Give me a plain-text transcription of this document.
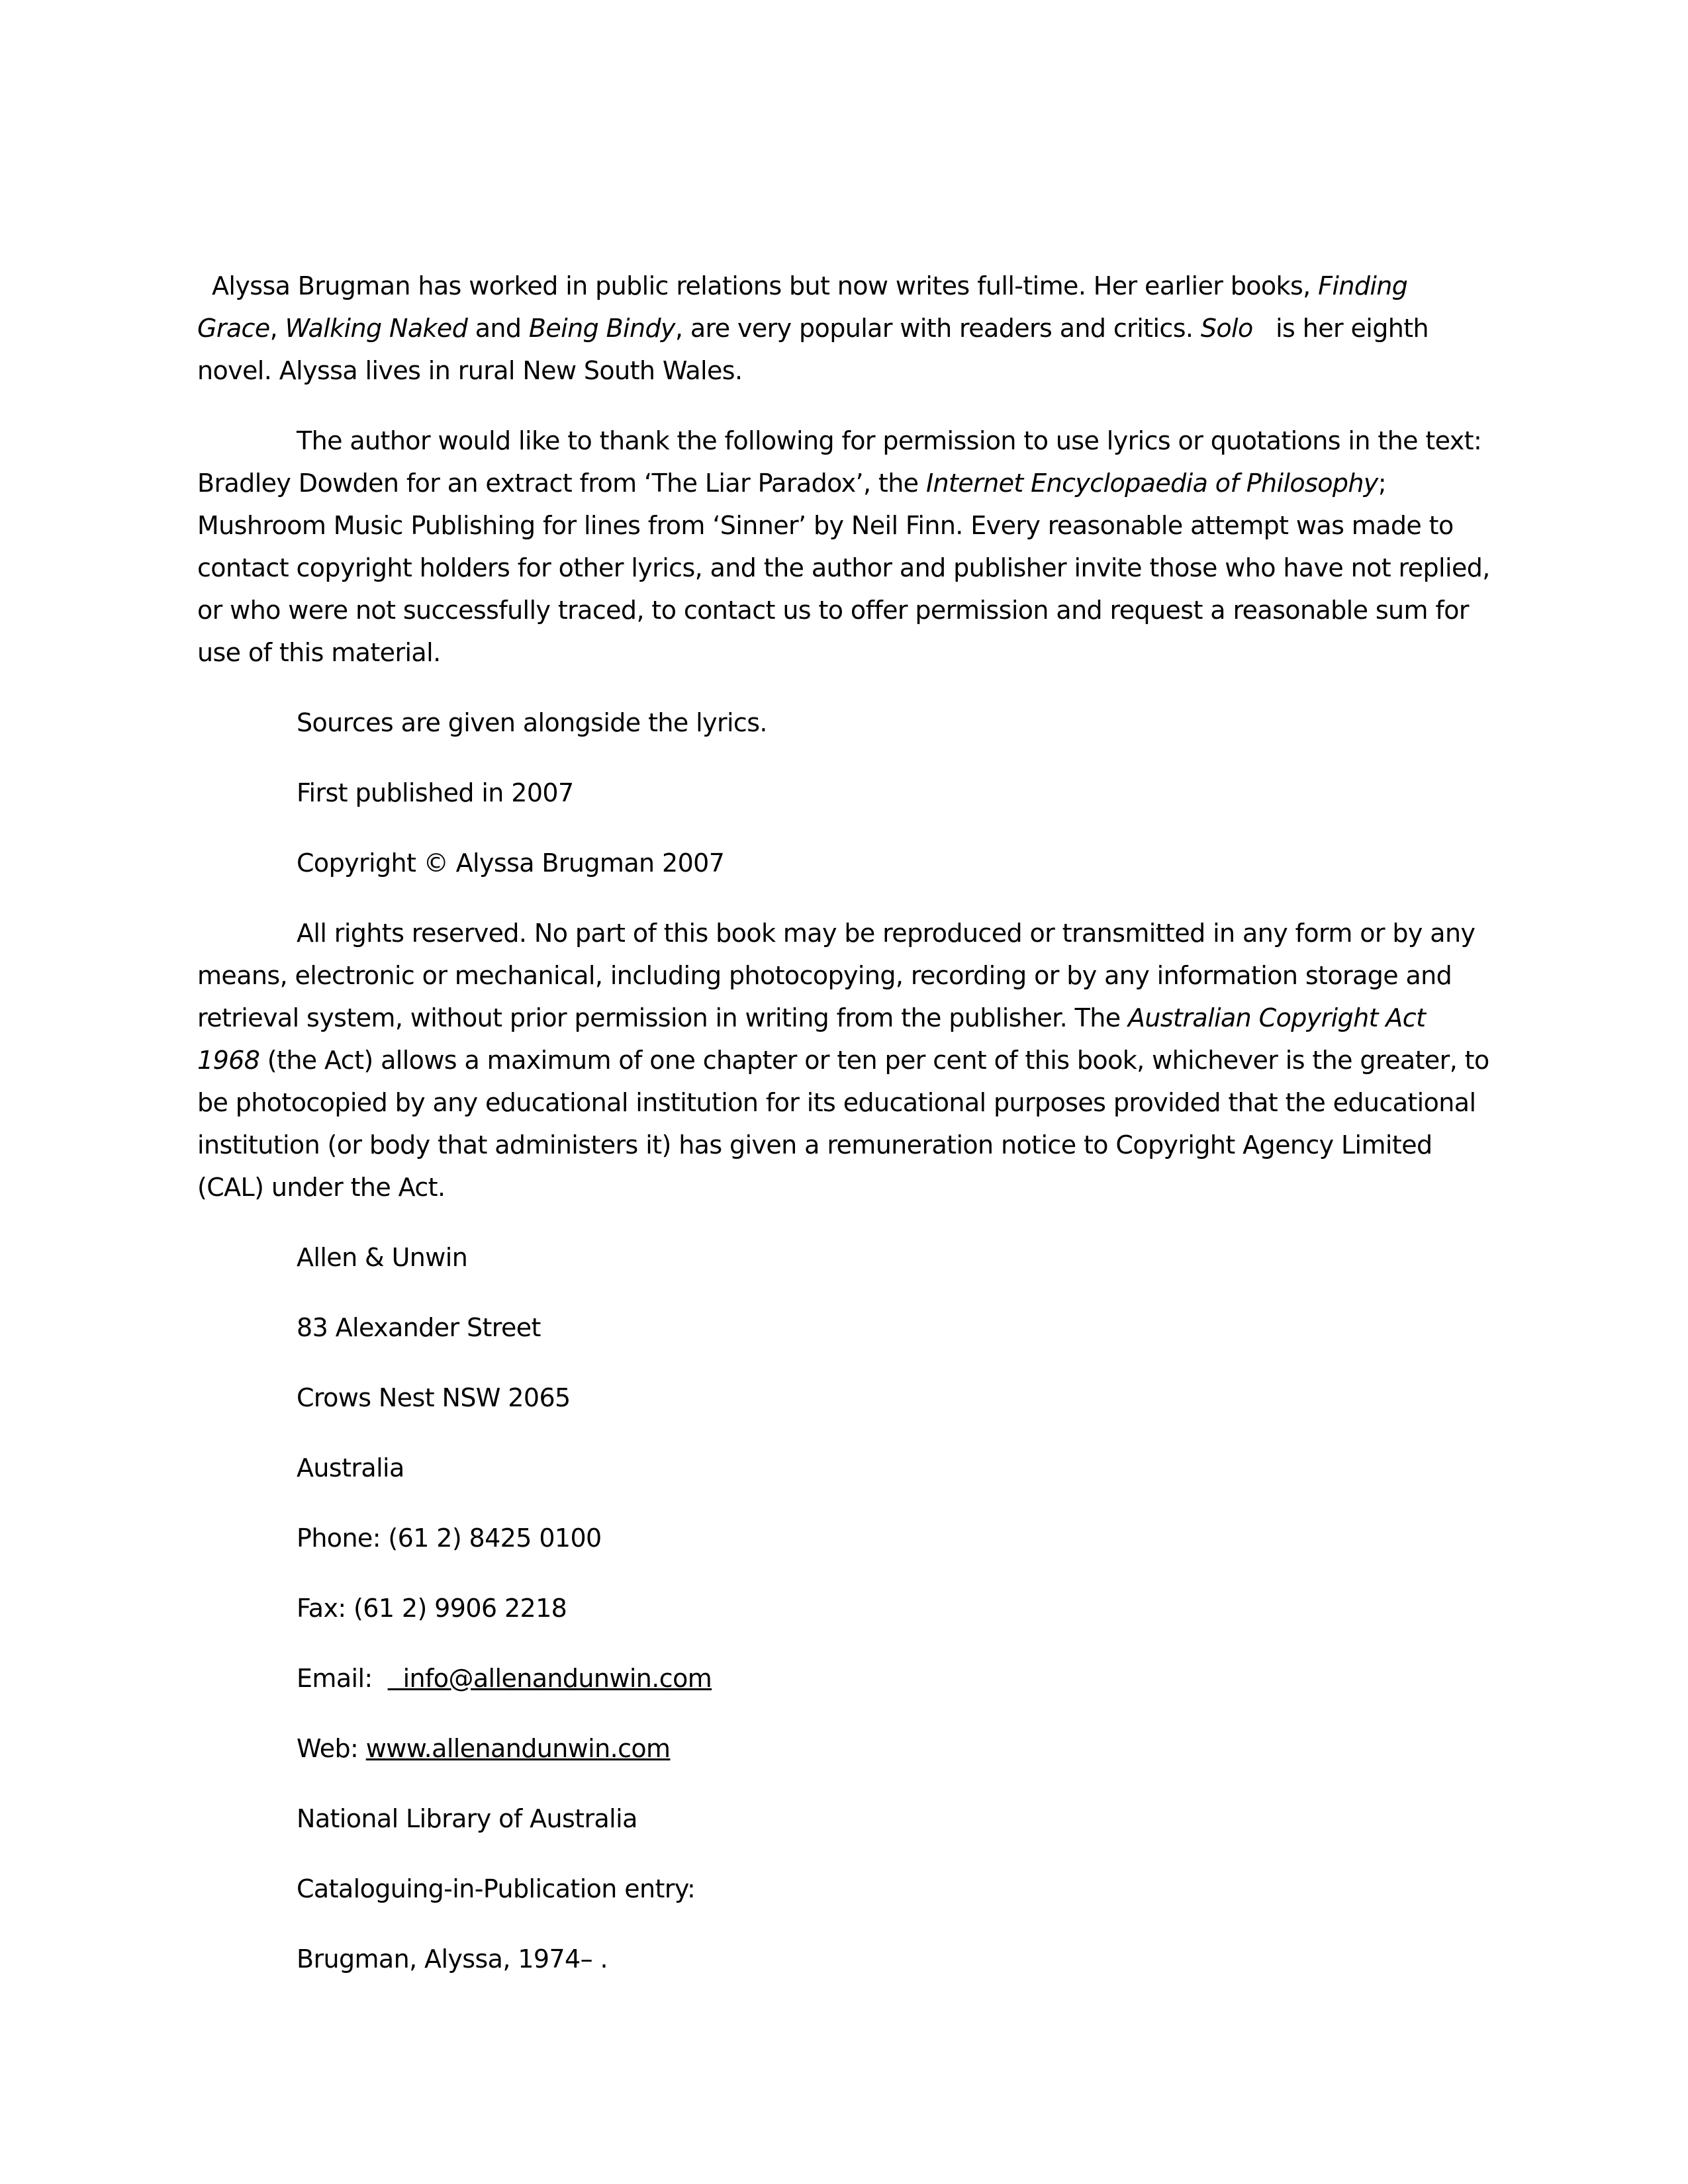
Alyssa Brugman has worked in public relations but now writes full-time. Her earlier books, Finding Grace, Walking Naked and Being Bindy, are very popular with readers and critics. Solo   is her eighth novel. Alyssa lives in rural New South Wales.

The author would like to thank the following for permission to use lyrics or quotations in the text: Bradley Dowden for an extract from ‘The Liar Paradox’, the Internet Encyclopaedia of Philosophy; Mushroom Music Publishing for lines from ‘Sinner’ by Neil Finn. Every reasonable attempt was made to contact copyright holders for other lyrics, and the author and publisher invite those who have not replied, or who were not successfully traced, to contact us to offer permission and request a reasonable sum for use of this material.

Sources are given alongside the lyrics.
First published in 2007
Copyright © Alyssa Brugman 2007

All rights reserved. No part of this book may be reproduced or transmitted in any form or by any means, electronic or mechanical, including photocopying, recording or by any information storage and retrieval system, without prior permission in writing from the publisher. The Australian Copyright Act 1968 (the Act) allows a maximum of one chapter or ten per cent of this book, whichever is the greater, to be photocopied by any educational institution for its educational purposes provided that the educational institution (or body that administers it) has given a remuneration notice to Copyright Agency Limited (CAL) under the Act.

Allen & Unwin
83 Alexander Street
Crows Nest NSW 2065
Australia
Phone: (61 2) 8425 0100
Fax: (61 2) 9906 2218
Email: info@allenandunwin.com
Web: www.allenandunwin.com
National Library of Australia
Cataloguing-in-Publication entry:
Brugman, Alyssa, 1974– .
